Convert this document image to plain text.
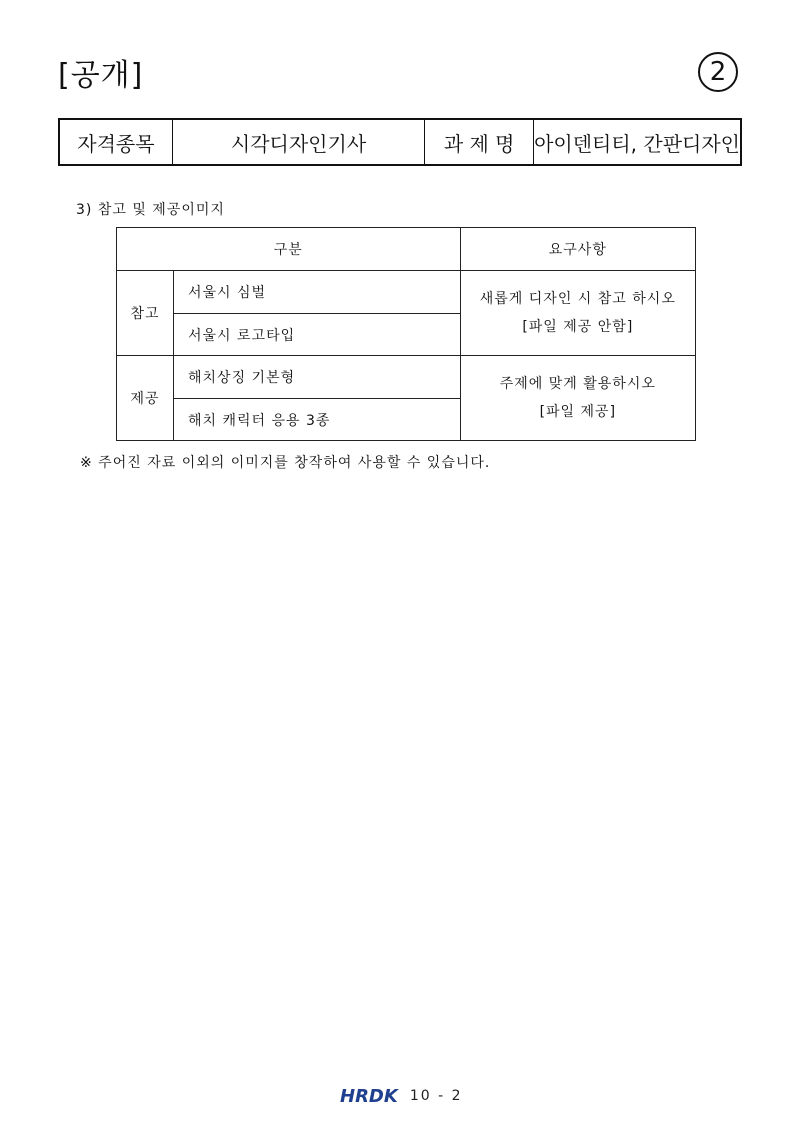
[공개]	2
자격종목	시각디자인기사	과 제 명	아이덴티티, 간판디자인
3) 참고 및 제공이미지
구분		요구사항
참고	서울시 심벌	새롭게 디자인 시 참고 하시오
[파일 제공 안함]

	서울시 로고타입	
제공	해치상징 기본형	주제에 맞게 활용하시오
[파일 제공]

	해치 캐릭터 응용 3종	
※ 주어진 자료 이외의 이미지를 창작하여 사용할 수 있습니다.
HRDK 10 - 2
